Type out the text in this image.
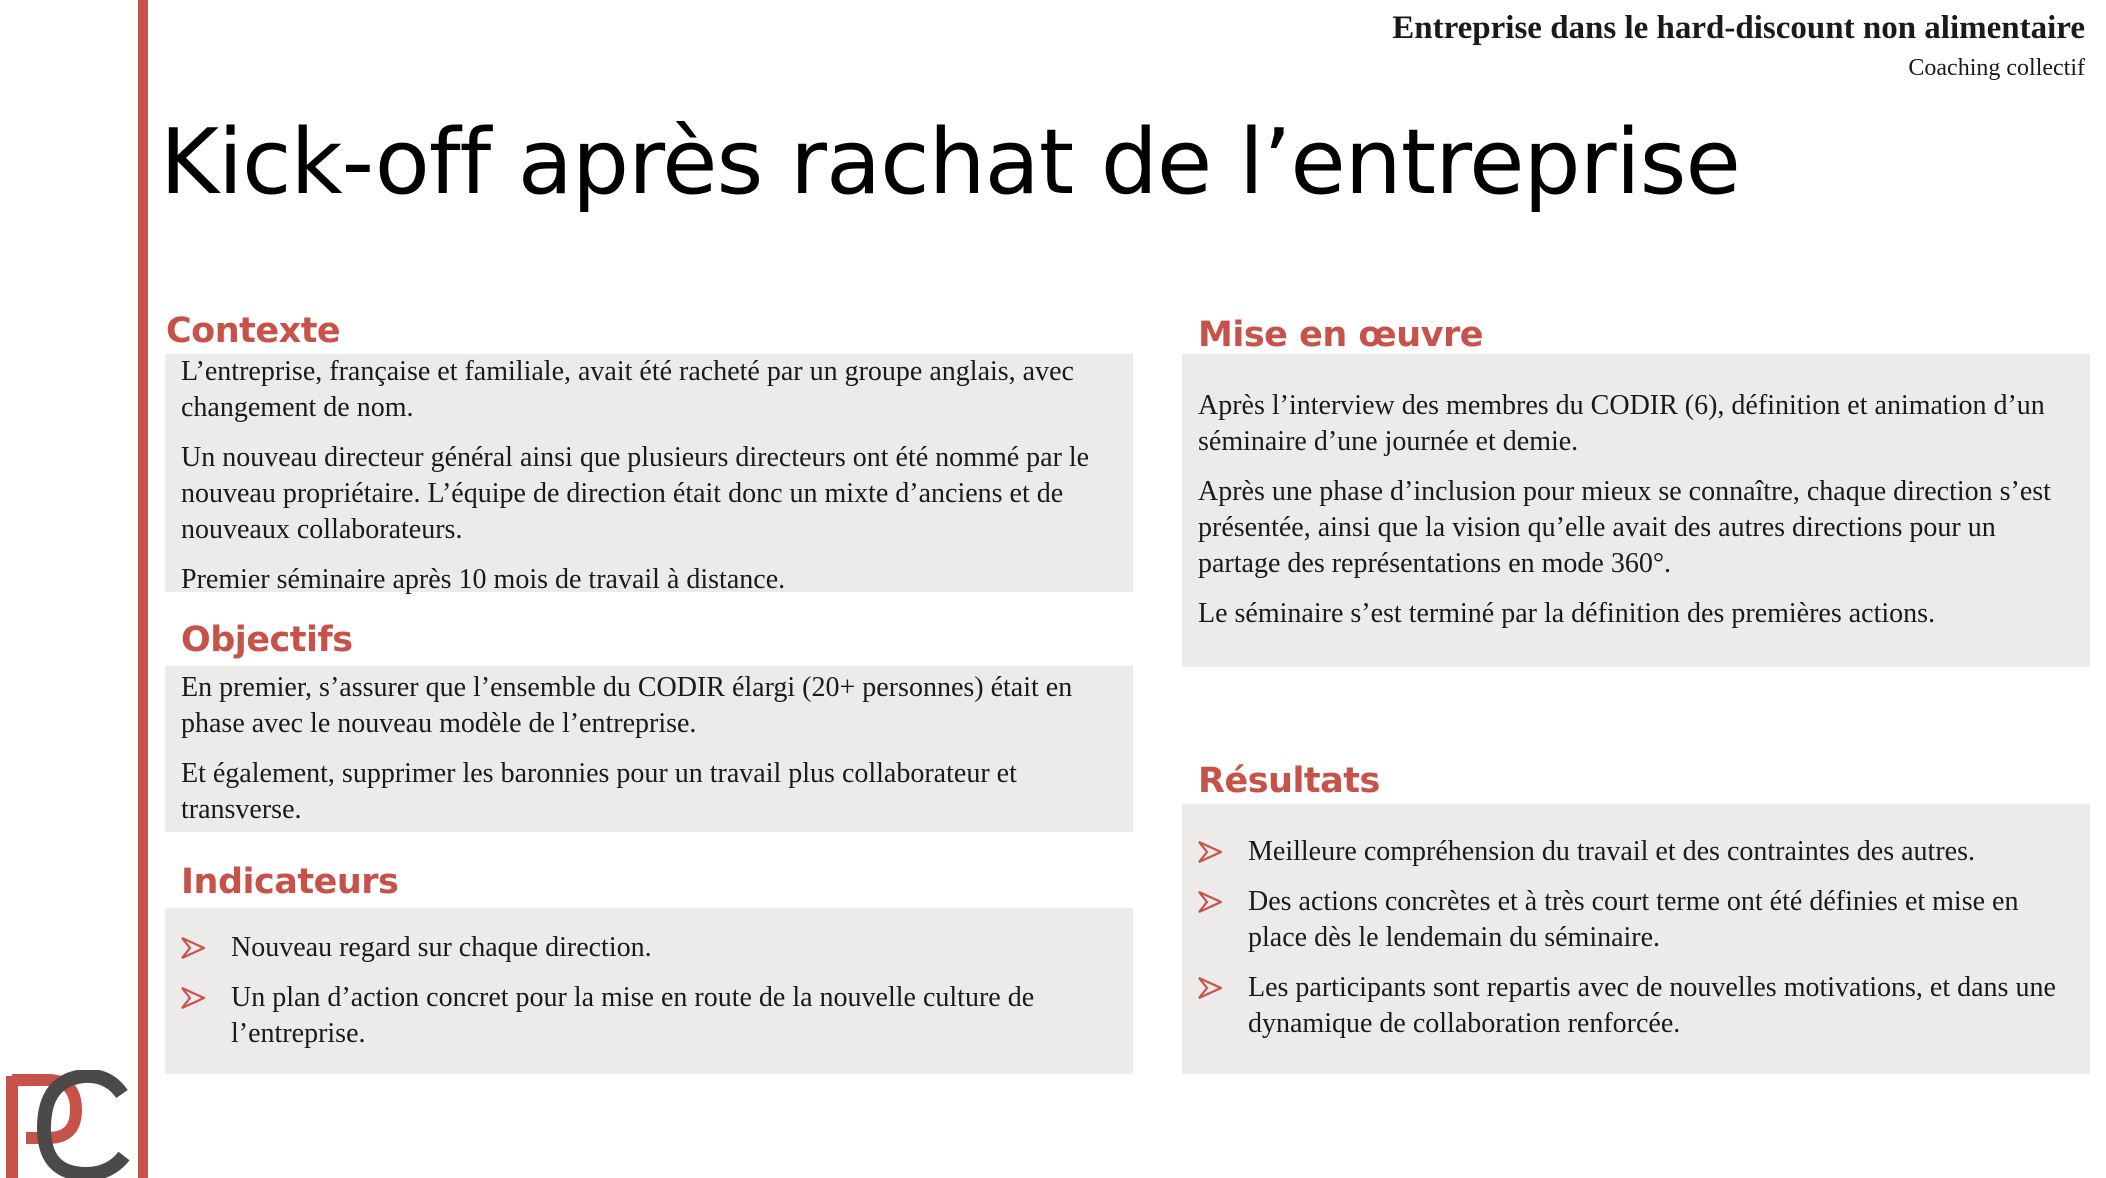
Entreprise dans le hard-discount non alimentaire
Coaching collectif
Kick-off après rachat de l’entreprise
Contexte

L’entreprise, française et familiale, avait été racheté par un groupe anglais, avec changement de nom.

Un nouveau directeur général ainsi que plusieurs directeurs ont été nommé par le nouveau propriétaire. L’équipe de direction était donc un mixte d’anciens et de nouveaux collaborateurs.

Premier séminaire après 10 mois de travail à distance.

Objectifs

En premier, s’assurer que l’ensemble du CODIR élargi (20+ personnes) était en phase avec le nouveau modèle de l’entreprise.

Et également, supprimer les baronnies pour un travail plus collaborateur et transverse.

Indicateurs
Nouveau regard sur chaque direction.
Un plan d’action concret pour la mise en route de la nouvelle culture de l’entreprise.
Mise en œuvre

Après l’interview des membres du CODIR (6), définition et animation d’un séminaire d’une journée et demie.

Après une phase d’inclusion pour mieux se connaître, chaque direction s’est présentée, ainsi que la vision qu’elle avait des autres directions pour un partage des représentations en mode 360°.

Le séminaire s’est terminé par la définition des premières actions.

Résultats
Meilleure compréhension du travail et des contraintes des autres.
Des actions concrètes et à très court terme ont été définies et mise en place dès le lendemain du séminaire.
Les participants sont repartis avec de nouvelles motivations, et dans une dynamique de collaboration renforcée.
